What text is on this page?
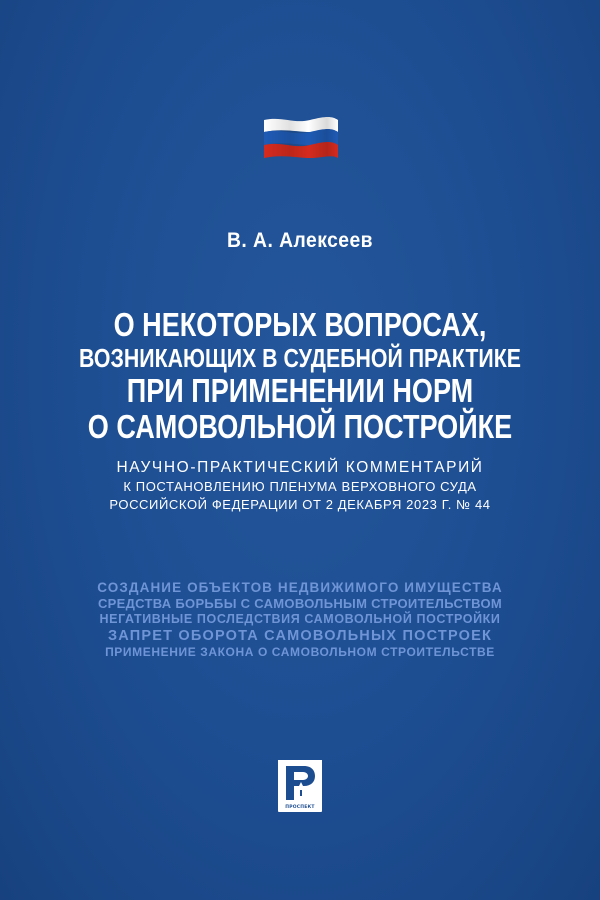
В. А. Алексеев
О НЕКОТОРЫХ ВОПРОСАХ,
ВОЗНИКАЮЩИХ В СУДЕБНОЙ ПРАКТИКЕ
ПРИ ПРИМЕНЕНИИ НОРМ
О САМОВОЛЬНОЙ ПОСТРОЙКЕ
НАУЧНО-ПРАКТИЧЕСКИЙ КОММЕНТАРИЙ
К ПОСТАНОВЛЕНИЮ ПЛЕНУМА ВЕРХОВНОГО СУДА
РОССИЙСКОЙ ФЕДЕРАЦИИ ОТ 2 ДЕКАБРЯ 2023 Г. № 44
СОЗДАНИЕ ОБЪЕКТОВ НЕДВИЖИМОГО ИМУЩЕСТВА
СРЕДСТВА БОРЬБЫ С САМОВОЛЬНЫМ СТРОИТЕЛЬСТВОМ
НЕГАТИВНЫЕ ПОСЛЕДСТВИЯ САМОВОЛЬНОЙ ПОСТРОЙКИ
ЗАПРЕТ ОБОРОТА САМОВОЛЬНЫХ ПОСТРОЕК
ПРИМЕНЕНИЕ ЗАКОНА О САМОВОЛЬНОМ СТРОИТЕЛЬСТВЕ
ПРОСПЕКТ
